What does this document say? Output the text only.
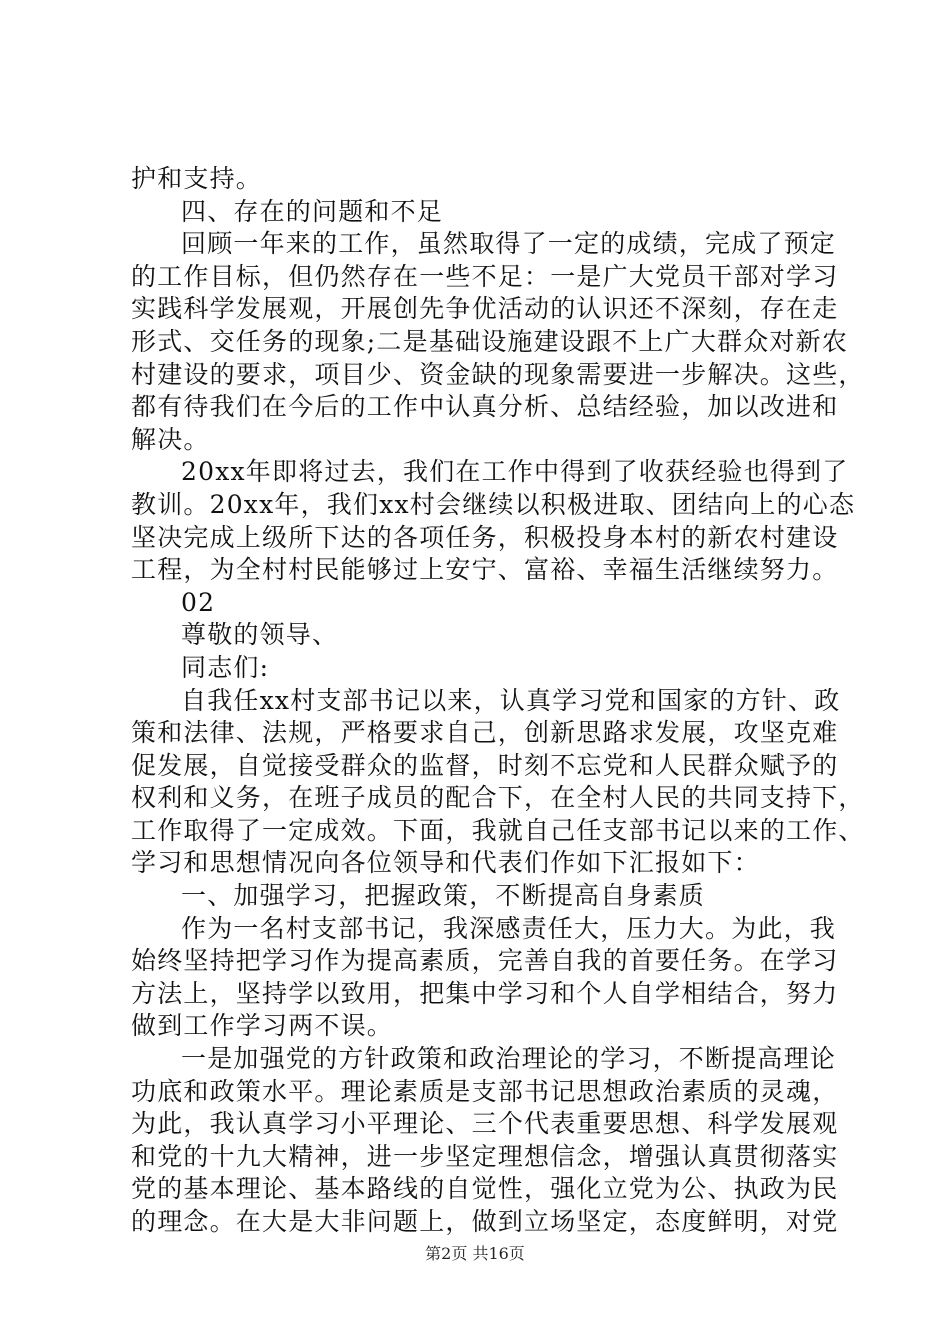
护和支持。
四、存在的问题和不足
回顾一年来的工作，虽然取得了一定的成绩，完成了预定
的工作目标，但仍然存在一些不足：一是广大党员干部对学习
实践科学发展观，开展创先争优活动的认识还不深刻，存在走
形式、交任务的现象;二是基础设施建设跟不上广大群众对新农
村建设的要求，项目少、资金缺的现象需要进一步解决。这些，
都有待我们在今后的工作中认真分析、总结经验，加以改进和
解决。
20xx年即将过去，我们在工作中得到了收获经验也得到了
教训。20xx年，我们xx村会继续以积极进取、团结向上的心态
坚决完成上级所下达的各项任务，积极投身本村的新农村建设
工程，为全村村民能够过上安宁、富裕、幸福生活继续努力。
02
尊敬的领导、
同志们:
自我任xx村支部书记以来，认真学习党和国家的方针、政
策和法律、法规，严格要求自己，创新思路求发展，攻坚克难
促发展，自觉接受群众的监督，时刻不忘党和人民群众赋予的
权利和义务，在班子成员的配合下，在全村人民的共同支持下，
工作取得了一定成效。下面，我就自己任支部书记以来的工作、
学习和思想情况向各位领导和代表们作如下汇报如下：
一、加强学习，把握政策，不断提高自身素质
作为一名村支部书记，我深感责任大，压力大。为此，我
始终坚持把学习作为提高素质，完善自我的首要任务。在学习
方法上，坚持学以致用，把集中学习和个人自学相结合，努力
做到工作学习两不误。
一是加强党的方针政策和政治理论的学习，不断提高理论
功底和政策水平。理论素质是支部书记思想政治素质的灵魂，
为此，我认真学习小平理论、三个代表重要思想、科学发展观
和党的十九大精神，进一步坚定理想信念，增强认真贯彻落实
党的基本理论、基本路线的自觉性，强化立党为公、执政为民
的理念。在大是大非问题上，做到立场坚定，态度鲜明，对党
第2页 共16页
